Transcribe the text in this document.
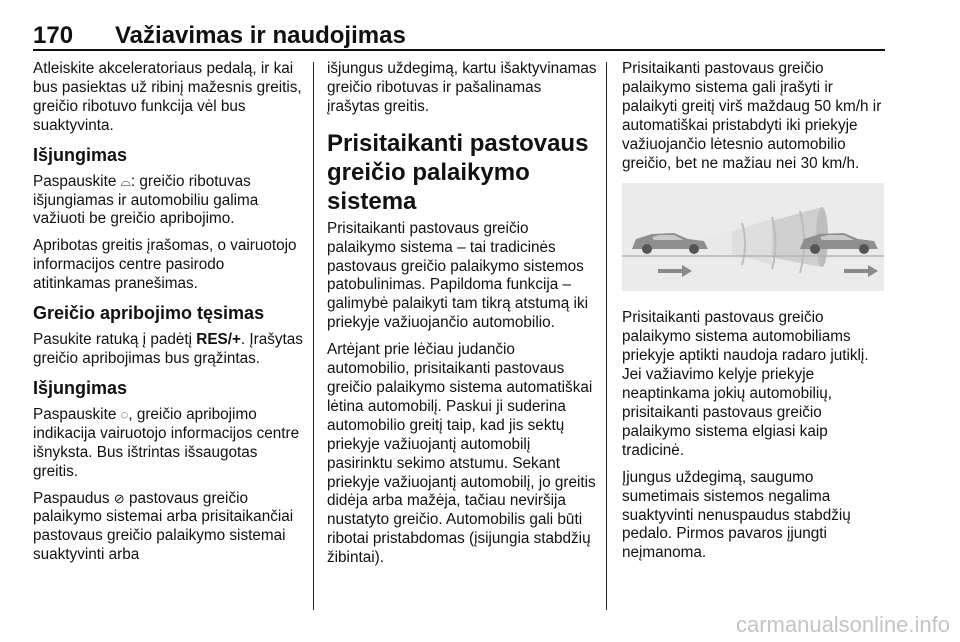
170 Važiavimas ir naudojimas

Atleiskite akceleratoriaus pedalą, ir kai bus pasiektas už ribinį mažesnis greitis, greičio ribotuvo funkcija vėl bus suaktyvinta.

Išjungimas

Paspauskite ⌓: greičio ribotuvas išjungiamas ir automobiliu galima važiuoti be greičio apribojimo.

Apribotas greitis įrašomas, o vairuotojo informacijos centre pasirodo atitinkamas pranešimas.

Greičio apribojimo tęsimas

Pasukite ratuką į padėtį RES/+. Įrašytas greičio apribojimas bus grąžintas.

Išjungimas

Paspauskite ◌, greičio apribojimo indikacija vairuotojo informacijos centre išnyksta. Bus ištrintas išsaugotas greitis.

Paspaudus ⊘ pastovaus greičio palaikymo sistemai arba prisitaikančiai pastovaus greičio palaikymo sistemai suaktyvinti arba

išjungus uždegimą, kartu išaktyvinamas greičio ribotuvas ir pašalinamas įrašytas greitis.

Prisitaikanti pastovaus greičio palaikymo sistema

Prisitaikanti pastovaus greičio palaikymo sistema – tai tradicinės pastovaus greičio palaikymo sistemos patobulinimas. Papildoma funkcija – galimybė palaikyti tam tikrą atstumą iki priekyje važiuojančio automobilio.

Artėjant prie lėčiau judančio automobilio, prisitaikanti pastovaus greičio palaikymo sistema automatiškai lėtina automobilį. Paskui ji suderina automobilio greitį taip, kad jis sektų priekyje važiuojantį automobilį pasirinktu sekimo atstumu. Sekant priekyje važiuojantį automobilį, jo greitis didėja arba mažėja, tačiau neviršija nustatyto greičio. Automobilis gali būti ribotai pristabdomas (įsijungia stabdžių žibintai).

Prisitaikanti pastovaus greičio palaikymo sistema gali įrašyti ir palaikyti greitį virš maždaug 50 km/h ir automatiškai pristabdyti iki priekyje važiuojančio lėtesnio automobilio greičio, bet ne mažiau nei 30 km/h.

Prisitaikanti pastovaus greičio palaikymo sistema automobiliams priekyje aptikti naudoja radaro jutiklį. Jei važiavimo kelyje priekyje neaptinkama jokių automobilių, prisitaikanti pastovaus greičio palaikymo sistema elgiasi kaip tradicinė.

Įjungus uždegimą, saugumo sumetimais sistemos negalima suaktyvinti nenuspaudus stabdžių pedalo. Pirmos pavaros įjungti neįmanoma.

carmanualsonline.info
